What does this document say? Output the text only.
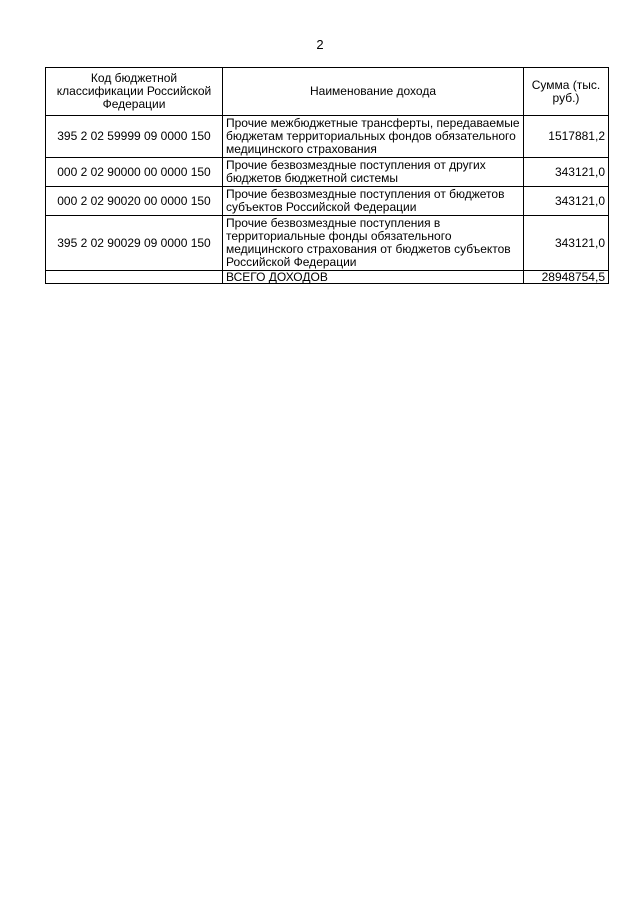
2
Код бюджетной классификации Российской Федерации	Наименование дохода	Сумма (тыс. руб.)
395 2 02 59999 09 0000 150	Прочие межбюджетные трансферты, передаваемые бюджетам территориальных фондов обязательного медицинского страхования	1517881,2
000 2 02 90000 00 0000 150	Прочие безвозмездные поступления от других бюджетов бюджетной системы	343121,0
000 2 02 90020 00 0000 150	Прочие безвозмездные поступления от бюджетов субъектов Российской Федерации	343121,0
395 2 02 90029 09 0000 150	Прочие безвозмездные поступления в территориальные фонды обязательного медицинского страхования от бюджетов субъектов Российской Федерации	343121,0
	ВСЕГО ДОХОДОВ	28948754,5
